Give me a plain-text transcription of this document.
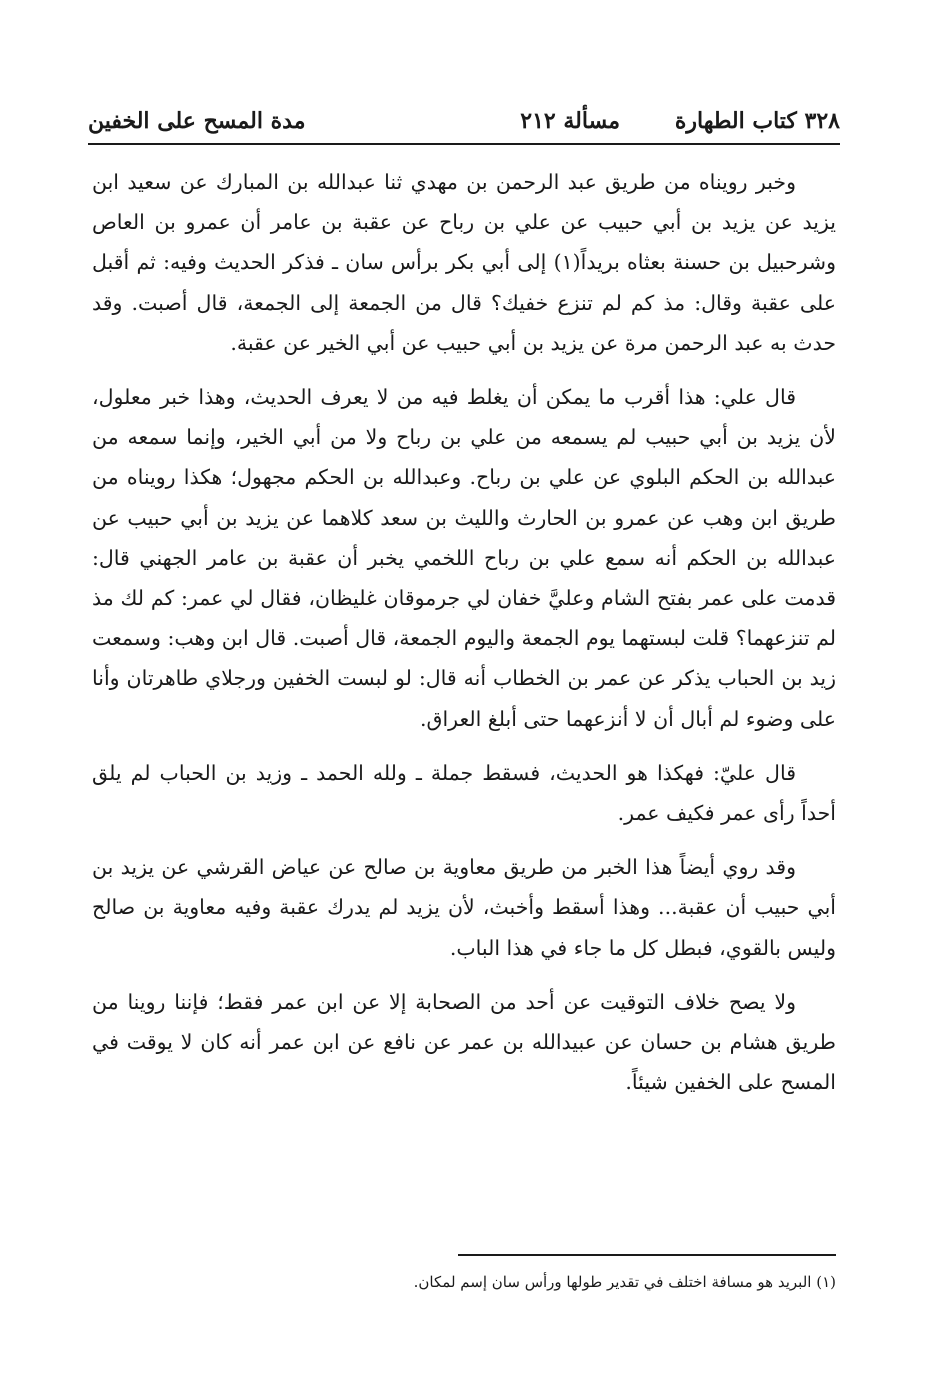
٣٢٨ كتاب الطهارة
مسألة ٢١٢
مدة المسح على الخفين

وخبر رويناه من طريق عبد الرحمن بن مهدي ثنا عبدالله بن المبارك عن سعيد ابن يزيد عن يزيد بن أبي حبيب عن علي بن رباح عن عقبة بن عامر أن عمرو بن العاص وشرحبيل بن حسنة بعثاه بريداً(١) إلى أبي بكر برأس سان ـ فذكر الحديث وفيه: ثم أقبل على عقبة وقال: مذ كم لم تنزع خفيك؟ قال من الجمعة إلى الجمعة، قال أصبت. وقد حدث به عبد الرحمن مرة عن يزيد بن أبي حبيب عن أبي الخير عن عقبة.

قال علي: هذا أقرب ما يمكن أن يغلط فيه من لا يعرف الحديث، وهذا خبر معلول، لأن يزيد بن أبي حبيب لم يسمعه من علي بن رباح ولا من أبي الخير، وإنما سمعه من عبدالله بن الحكم البلوي عن علي بن رباح. وعبدالله بن الحكم مجهول؛ هكذا رويناه من طريق ابن وهب عن عمرو بن الحارث والليث بن سعد كلاهما عن يزيد بن أبي حبيب عن عبدالله بن الحكم أنه سمع علي بن رباح اللخمي يخبر أن عقبة بن عامر الجهني قال: قدمت على عمر بفتح الشام وعليَّ خفان لي جرموقان غليظان، فقال لي عمر: كم لك مذ لم تنزعهما؟ قلت لبستهما يوم الجمعة واليوم الجمعة، قال أصبت. قال ابن وهب: وسمعت زيد بن الحباب يذكر عن عمر بن الخطاب أنه قال: لو لبست الخفين ورجلاي طاهرتان وأنا على وضوء لم أبال أن لا أنزعهما حتى أبلغ العراق.

قال عليّ: فهكذا هو الحديث، فسقط جملة ـ ولله الحمد ـ وزيد بن الحباب لم يلق أحداً رأى عمر فكيف عمر.

وقد روي أيضاً هذا الخبر من طريق معاوية بن صالح عن عياض القرشي عن يزيد بن أبي حبيب أن عقبة... وهذا أسقط وأخبث، لأن يزيد لم يدرك عقبة وفيه معاوية بن صالح وليس بالقوي، فبطل كل ما جاء في هذا الباب.

ولا يصح خلاف التوقيت عن أحد من الصحابة إلا عن ابن عمر فقط؛ فإننا روينا من طريق هشام بن حسان عن عبيدالله بن عمر عن نافع عن ابن عمر أنه كان لا يوقت في المسح على الخفين شيئاً.

(١) البريد هو مسافة اختلف في تقدير طولها ورأس سان إسم لمكان.
